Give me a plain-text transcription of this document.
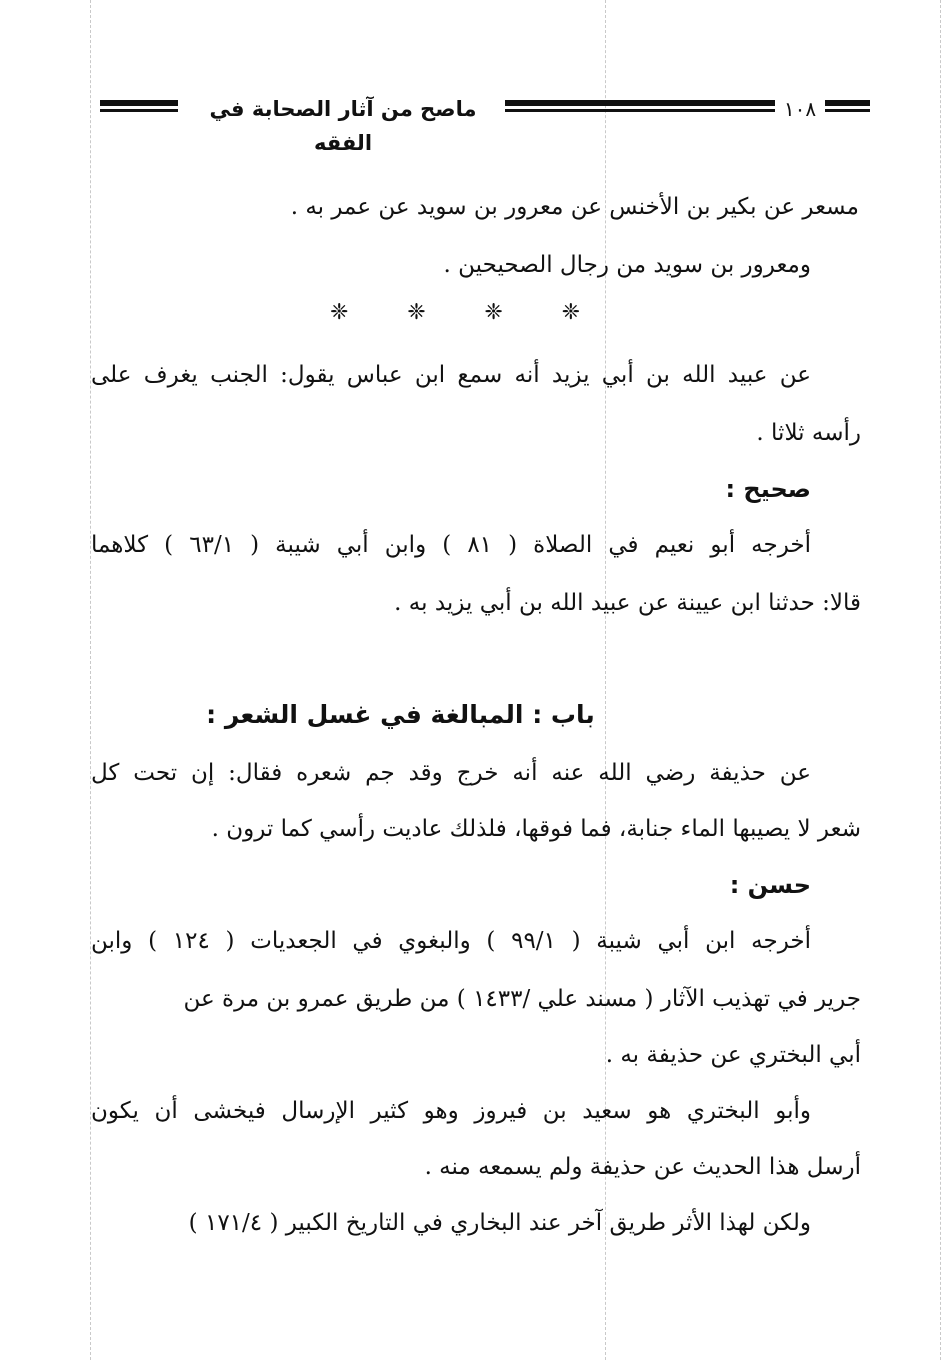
ماصح من آثار الصحابة في الفقه
١٠٨
مسعر عن بكير بن الأخنس عن معرور بن سويد عن عمر به .
ومعرور بن سويد من رجال الصحيحين .
❈	❈	❈	❈
عن عبيد الله بن أبي يزيد أنه سمع ابن عباس يقول: الجنب يغرف على
رأسه ثلاثا .
صحيح :
أخرجه أبو نعيم في الصلاة ( ٨١ ) وابن أبي شيبة ( ٦٣/١ ) كلاهما
قالا: حدثنا ابن عيينة عن عبيد الله بن أبي يزيد به .
باب : المبالغة في غسل الشعر :
عن حذيفة رضي الله عنه أنه خرج وقد جم شعره فقال: إن تحت كل
شعر لا يصيبها الماء جنابة، فما فوقها، فلذلك عاديت رأسي كما ترون .
حسن :
أخرجه ابن أبي شيبة ( ٩٩/١ ) والبغوي في الجعديات ( ١٢٤ ) وابن
جرير في تهذيب الآثار ( مسند علي /١٤٣٣ ) من طريق عمرو بن مرة عن
أبي البختري عن حذيفة به .
وأبو البختري هو سعيد بن فيروز وهو كثير الإرسال فيخشى أن يكون
أرسل هذا الحديث عن حذيفة ولم يسمعه منه .
ولكن لهذا الأثر طريق آخر عند البخاري في التاريخ الكبير ( ١٧١/٤ )
